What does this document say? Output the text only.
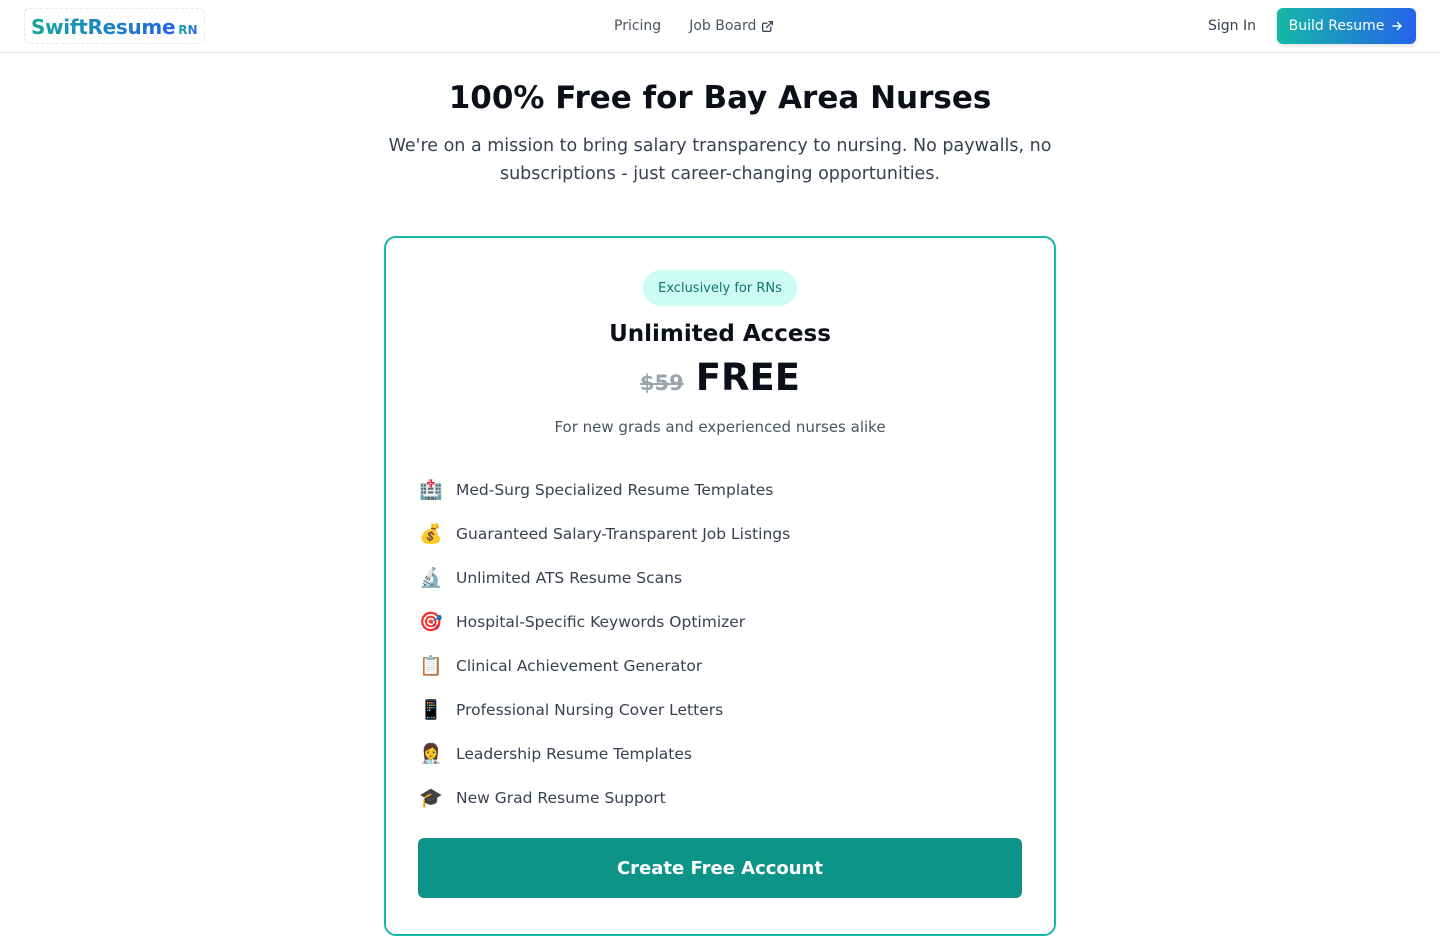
SwiftResume RN	Pricing Job Board	Sign In Build Resume
100% Free for Bay Area Nurses

We're on a mission to bring salary transparency to nursing. No paywalls, no subscriptions - just career-changing opportunities.

Exclusively for RNs
Unlimited Access
$59 FREE

For new grads and experienced nurses alike

🏥 Med-Surg Specialized Resume Templates
💰 Guaranteed Salary-Transparent Job Listings
🔬 Unlimited ATS Resume Scans
🎯 Hospital-Specific Keywords Optimizer
📋 Clinical Achievement Generator
📱 Professional Nursing Cover Letters
👩‍⚕️ Leadership Resume Templates
🎓 New Grad Resume Support
Create Free Account
